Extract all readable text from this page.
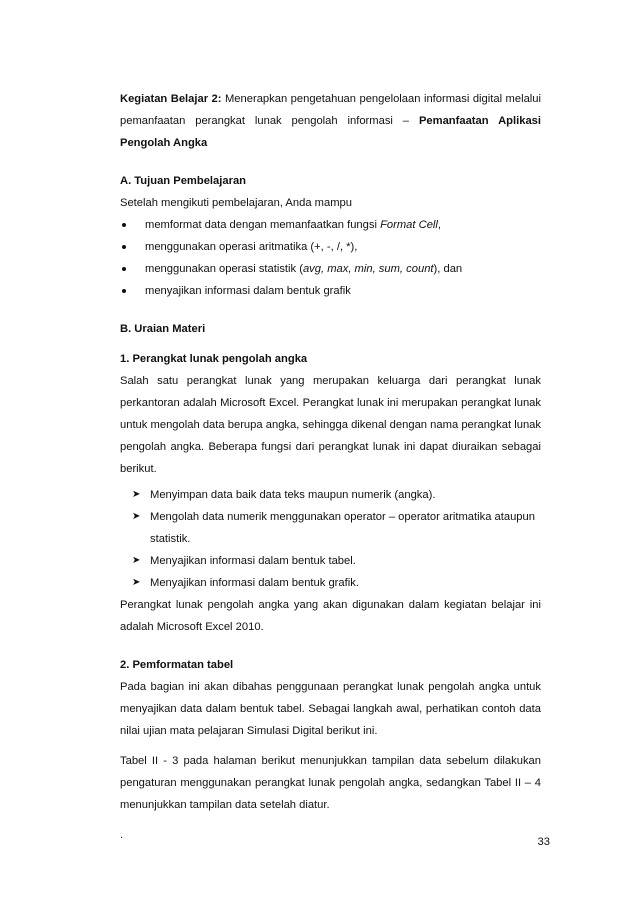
Kegiatan Belajar 2: Menerapkan pengetahuan pengelolaan informasi digital melalui pemanfaatan perangkat lunak pengolah informasi – Pemanfaatan Aplikasi Pengolah Angka

A. Tujuan Pembelajaran

Setelah mengikuti pembelajaran, Anda mampu

memformat data dengan memanfaatkan fungsi Format Cell,
menggunakan operasi aritmatika (+, -, /, *),
menggunakan operasi statistik (avg, max, min, sum, count), dan
menyajikan informasi dalam bentuk grafik

B. Uraian Materi

1. Perangkat lunak pengolah angka

Salah satu perangkat lunak yang merupakan keluarga dari perangkat lunak perkantoran adalah Microsoft Excel. Perangkat lunak ini merupakan perangkat lunak untuk mengolah data berupa angka, sehingga dikenal dengan nama perangkat lunak pengolah angka. Beberapa fungsi dari perangkat lunak ini dapat diuraikan sebagai berikut.

➤ Menyimpan data baik data teks maupun numerik (angka).
➤ Mengolah data numerik menggunakan operator – operator aritmatika ataupun statistik.
➤ Menyajikan informasi dalam bentuk tabel.
➤ Menyajikan informasi dalam bentuk grafik.

Perangkat lunak pengolah angka yang akan digunakan dalam kegiatan belajar ini adalah Microsoft Excel 2010.

2. Pemformatan tabel

Pada bagian ini akan dibahas penggunaan perangkat lunak pengolah angka untuk menyajikan data dalam bentuk tabel. Sebagai langkah awal, perhatikan contoh data nilai ujian mata pelajaran Simulasi Digital berikut ini.

Tabel II - 3 pada halaman berikut menunjukkan tampilan data sebelum dilakukan pengaturan menggunakan perangkat lunak pengolah angka, sedangkan Tabel II – 4 menunjukkan tampilan data setelah diatur.

.

33
